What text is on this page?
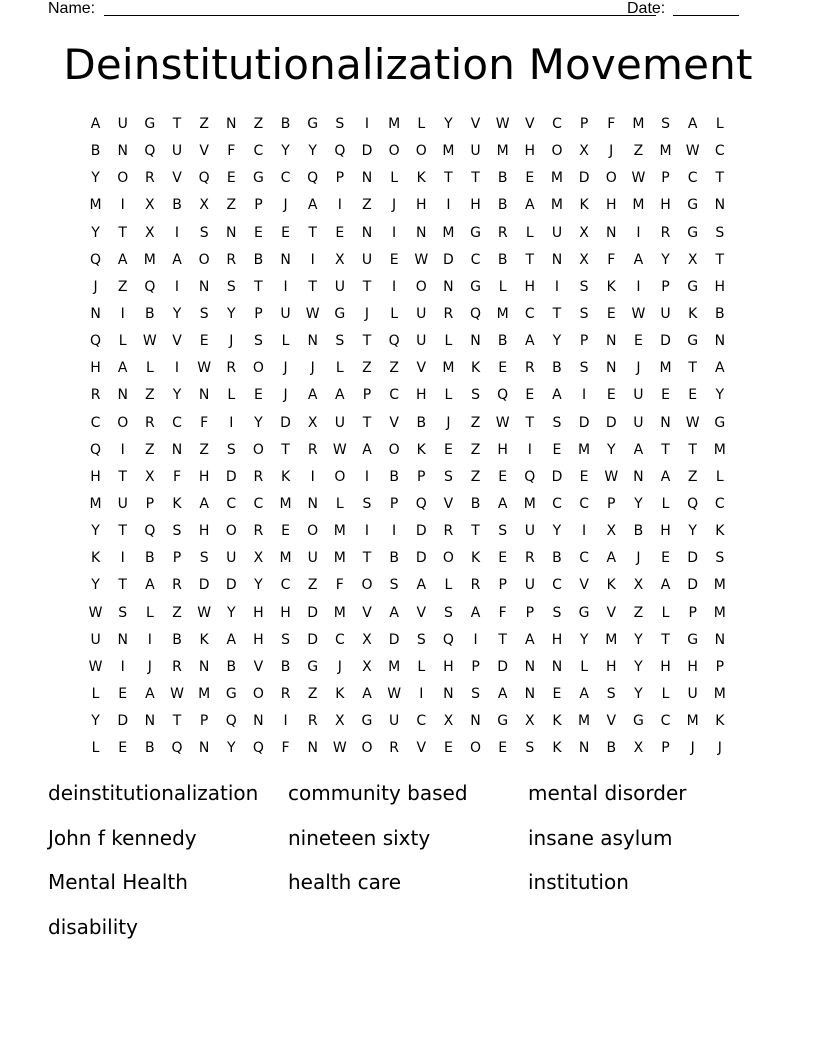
Name:	Date:
Deinstitutionalization Movement
A	U	G	T	Z	N	Z	B	G	S	I	M	L	Y	V	W	V	C	P	F	M	S	A	L
B	N	Q	U	V	F	C	Y	Y	Q	D	O	O	M	U	M	H	O	X	J	Z	M	W	C
Y	O	R	V	Q	E	G	C	Q	P	N	L	K	T	T	B	E	M	D	O	W	P	C	T
M	I	X	B	X	Z	P	J	A	I	Z	J	H	I	H	B	A	M	K	H	M	H	G	N
Y	T	X	I	S	N	E	E	T	E	N	I	N	M	G	R	L	U	X	N	I	R	G	S
Q	A	M	A	O	R	B	N	I	X	U	E	W	D	C	B	T	N	X	F	A	Y	X	T
J	Z	Q	I	N	S	T	I	T	U	T	I	O	N	G	L	H	I	S	K	I	P	G	H
N	I	B	Y	S	Y	P	U	W	G	J	L	U	R	Q	M	C	T	S	E	W	U	K	B
Q	L	W	V	E	J	S	L	N	S	T	Q	U	L	N	B	A	Y	P	N	E	D	G	N
H	A	L	I	W	R	O	J	J	L	Z	Z	V	M	K	E	R	B	S	N	J	M	T	A
R	N	Z	Y	N	L	E	J	A	A	P	C	H	L	S	Q	E	A	I	E	U	E	E	Y
C	O	R	C	F	I	Y	D	X	U	T	V	B	J	Z	W	T	S	D	D	U	N	W	G
Q	I	Z	N	Z	S	O	T	R	W	A	O	K	E	Z	H	I	E	M	Y	A	T	T	M
H	T	X	F	H	D	R	K	I	O	I	B	P	S	Z	E	Q	D	E	W	N	A	Z	L
M	U	P	K	A	C	C	M	N	L	S	P	Q	V	B	A	M	C	C	P	Y	L	Q	C
Y	T	Q	S	H	O	R	E	O	M	I	I	D	R	T	S	U	Y	I	X	B	H	Y	K
K	I	B	P	S	U	X	M	U	M	T	B	D	O	K	E	R	B	C	A	J	E	D	S
Y	T	A	R	D	D	Y	C	Z	F	O	S	A	L	R	P	U	C	V	K	X	A	D	M
W	S	L	Z	W	Y	H	H	D	M	V	A	V	S	A	F	P	S	G	V	Z	L	P	M
U	N	I	B	K	A	H	S	D	C	X	D	S	Q	I	T	A	H	Y	M	Y	T	G	N
W	I	J	R	N	B	V	B	G	J	X	M	L	H	P	D	N	N	L	H	Y	H	H	P
L	E	A	W	M	G	O	R	Z	K	A	W	I	N	S	A	N	E	A	S	Y	L	U	M
Y	D	N	T	P	Q	N	I	R	X	G	U	C	X	N	G	X	K	M	V	G	C	M	K
L	E	B	Q	N	Y	Q	F	N	W	O	R	V	E	O	E	S	K	N	B	X	P	J	J
deinstitutionalization	community based	mental disorder
John f kennedy	nineteen sixty	insane asylum
Mental Health	health care	institution
disability
